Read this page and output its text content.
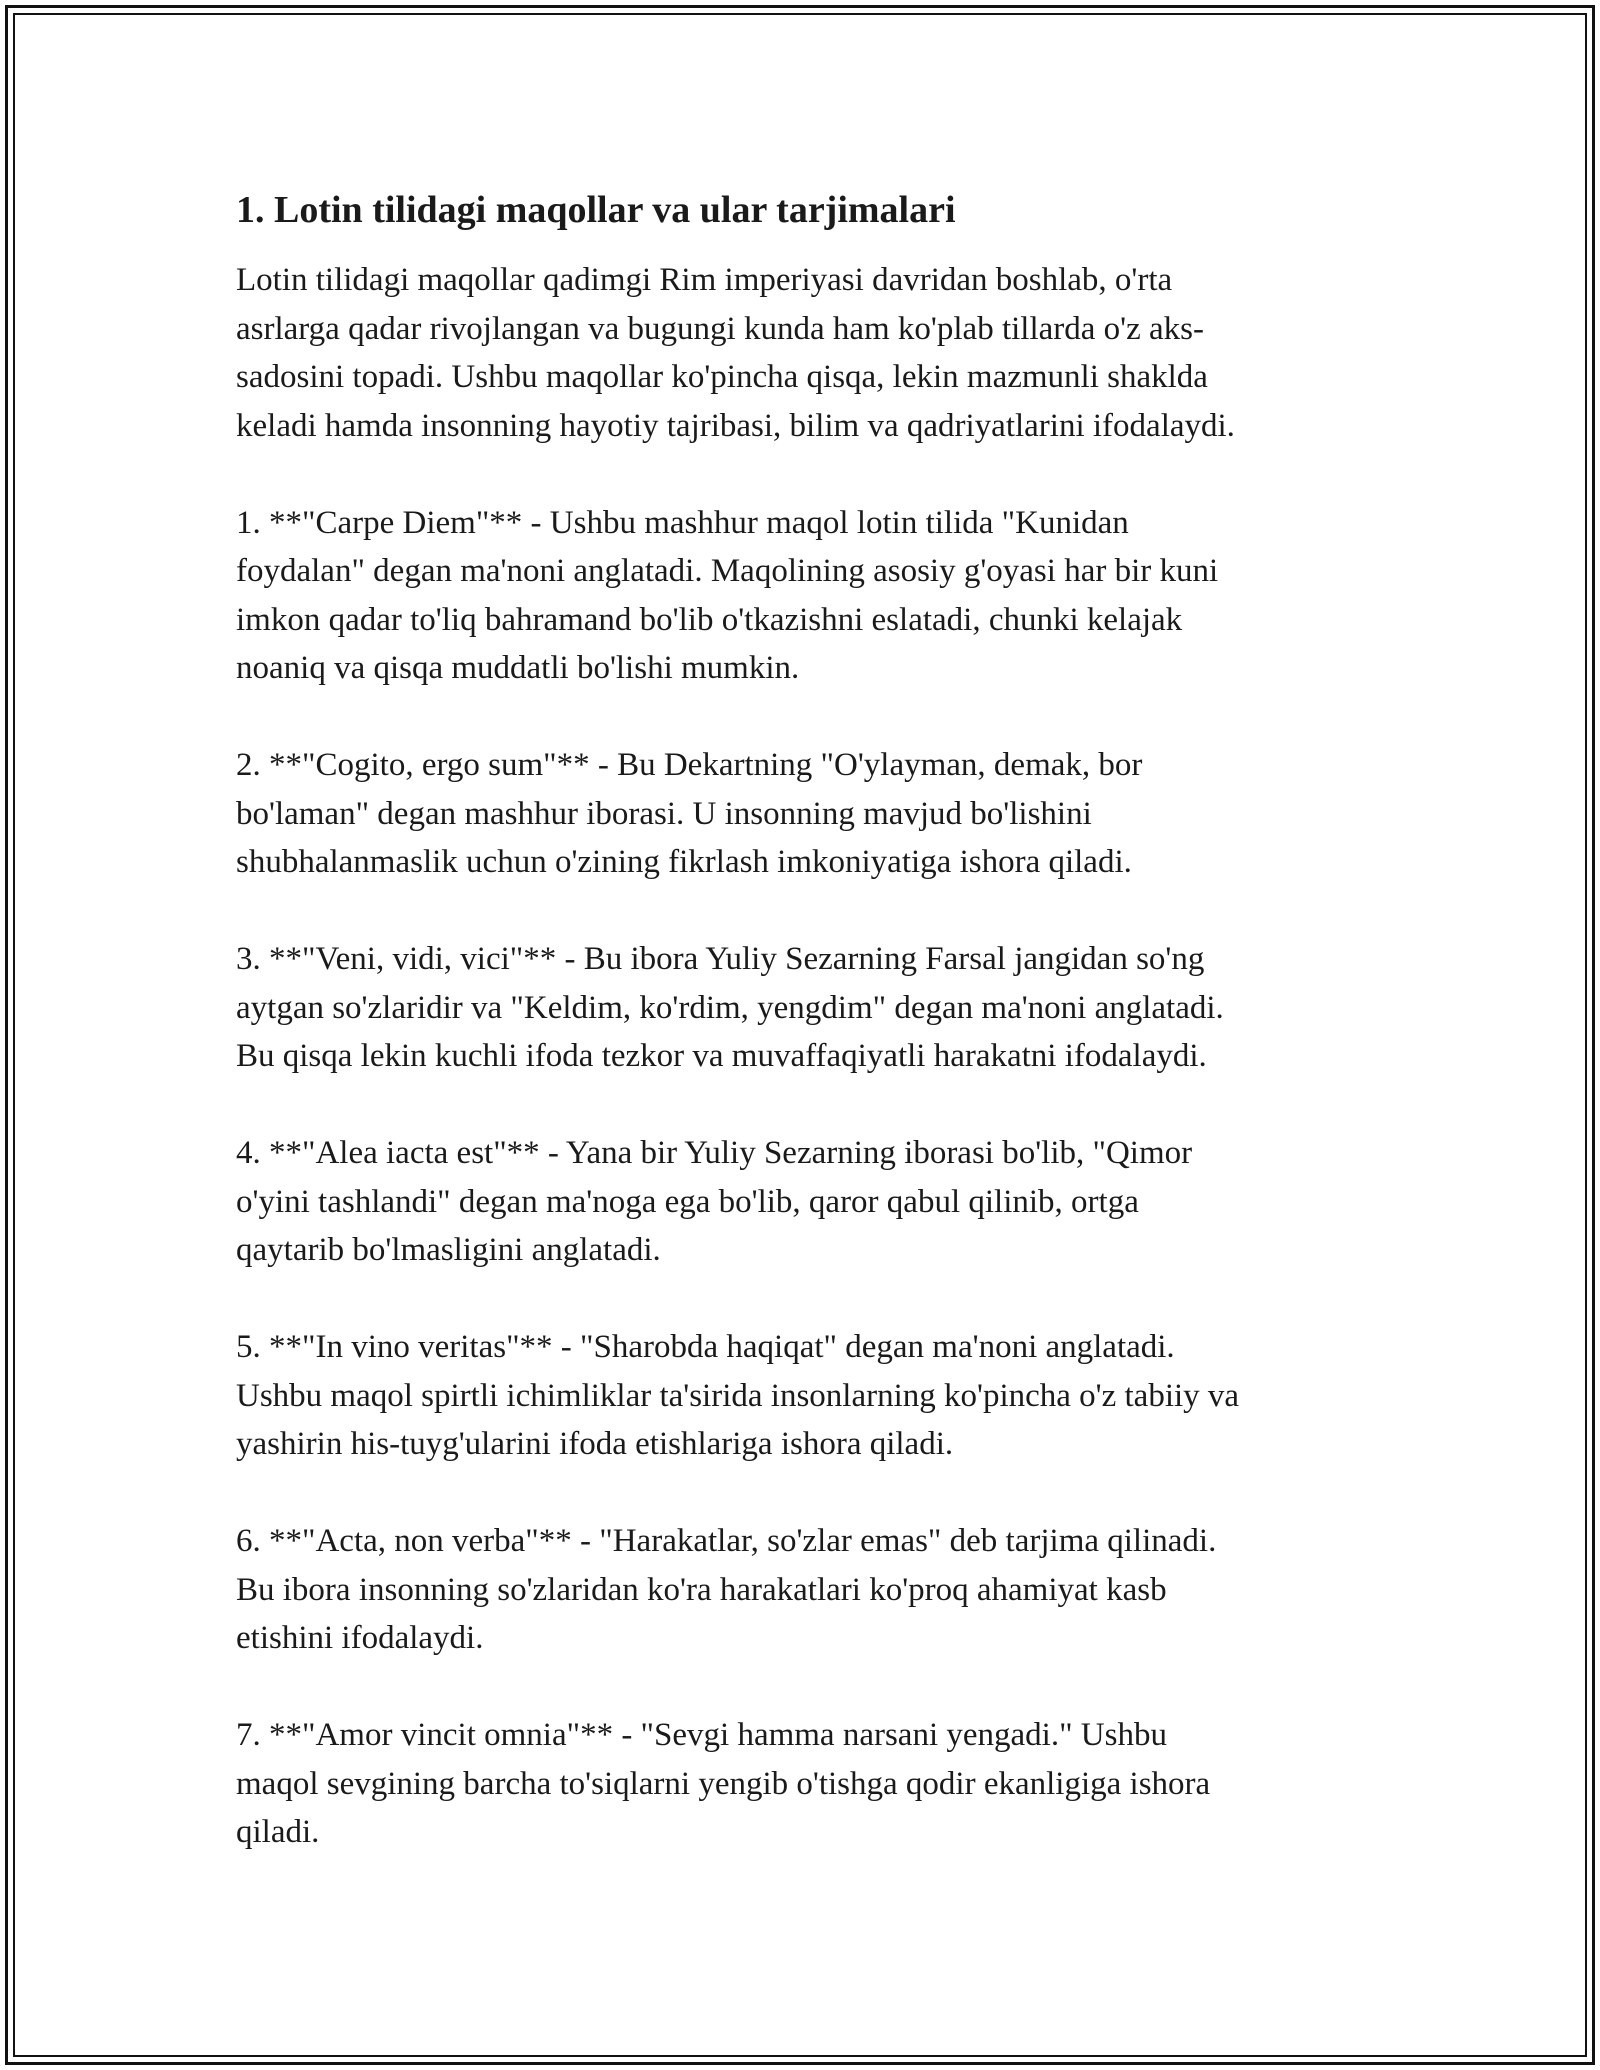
1. Lotin tilidagi maqollar va ular tarjimalari

Lotin tilidagi maqollar qadimgi Rim imperiyasi davridan boshlab, o'rta
asrlarga qadar rivojlangan va bugungi kunda ham ko'plab tillarda o'z aks-
sadosini topadi. Ushbu maqollar ko'pincha qisqa, lekin mazmunli shaklda
keladi hamda insonning hayotiy tajribasi, bilim va qadriyatlarini ifodalaydi.

1. **"Carpe Diem"** - Ushbu mashhur maqol lotin tilida "Kunidan
foydalan" degan ma'noni anglatadi. Maqolining asosiy g'oyasi har bir kuni
imkon qadar to'liq bahramand bo'lib o'tkazishni eslatadi, chunki kelajak
noaniq va qisqa muddatli bo'lishi mumkin.

2. **"Cogito, ergo sum"** - Bu Dekartning "O'ylayman, demak, bor
bo'laman" degan mashhur iborasi. U insonning mavjud bo'lishini
shubhalanmaslik uchun o'zining fikrlash imkoniyatiga ishora qiladi.

3. **"Veni, vidi, vici"** - Bu ibora Yuliy Sezarning Farsal jangidan so'ng
aytgan so'zlaridir va "Keldim, ko'rdim, yengdim" degan ma'noni anglatadi.
Bu qisqa lekin kuchli ifoda tezkor va muvaffaqiyatli harakatni ifodalaydi.

4. **"Alea iacta est"** - Yana bir Yuliy Sezarning iborasi bo'lib, "Qimor
o'yini tashlandi" degan ma'noga ega bo'lib, qaror qabul qilinib, ortga
qaytarib bo'lmasligini anglatadi.

5. **"In vino veritas"** - "Sharobda haqiqat" degan ma'noni anglatadi.
Ushbu maqol spirtli ichimliklar ta'sirida insonlarning ko'pincha o'z tabiiy va
yashirin his-tuyg'ularini ifoda etishlariga ishora qiladi.

6. **"Acta, non verba"** - "Harakatlar, so'zlar emas" deb tarjima qilinadi.
Bu ibora insonning so'zlaridan ko'ra harakatlari ko'proq ahamiyat kasb
etishini ifodalaydi.

7. **"Amor vincit omnia"** - "Sevgi hamma narsani yengadi." Ushbu
maqol sevgining barcha to'siqlarni yengib o'tishga qodir ekanligiga ishora
qiladi.
